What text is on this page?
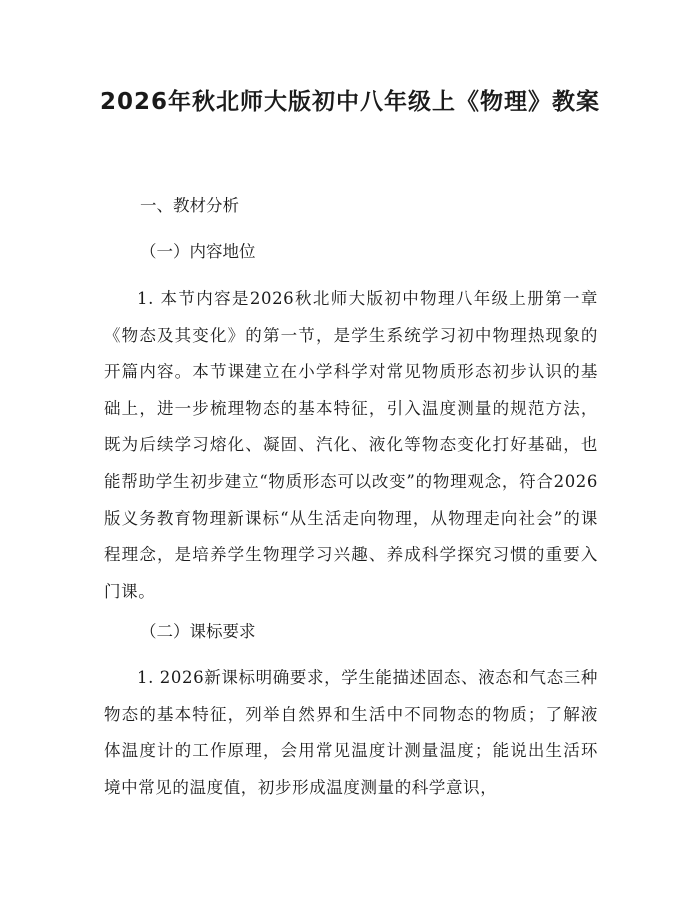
2026年秋北师大版初中八年级上《物理》教案

一、教材分析

（一）内容地位

1. 本节内容是2026秋北师大版初中物理八年级上册第一章《物态及其变化》的第一节，是学生系统学习初中物理热现象的开篇内容。本节课建立在小学科学对常见物质形态初步认识的基础上，进一步梳理物态的基本特征，引入温度测量的规范方法，既为后续学习熔化、凝固、汽化、液化等物态变化打好基础，也能帮助学生初步建立“物质形态可以改变”的物理观念，符合2026版义务教育物理新课标“从生活走向物理，从物理走向社会”的课程理念，是培养学生物理学习兴趣、养成科学探究习惯的重要入门课。

（二）课标要求

1. 2026新课标明确要求，学生能描述固态、液态和气态三种物态的基本特征，列举自然界和生活中不同物态的物质；了解液体温度计的工作原理，会用常见温度计测量温度；能说出生活环境中常见的温度值，初步形成温度测量的科学意识，
